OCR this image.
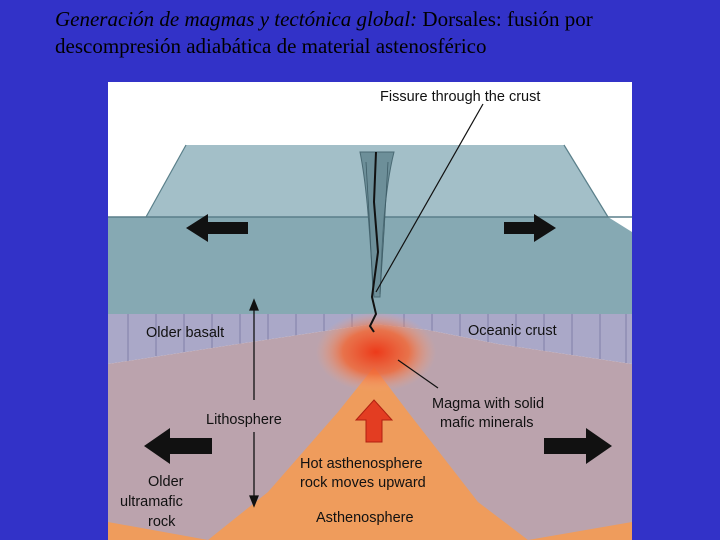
Generación de magmas y tectónica global: Dorsales: fusión por descompresión adiabática de material astenosférico
Fissure through the crust
Older basalt	Oceanic crust
Lithosphere
Magma with solid
mafic minerals
Older
ultramafic
rock
Hot asthenosphere
rock moves upward
Asthenosphere
